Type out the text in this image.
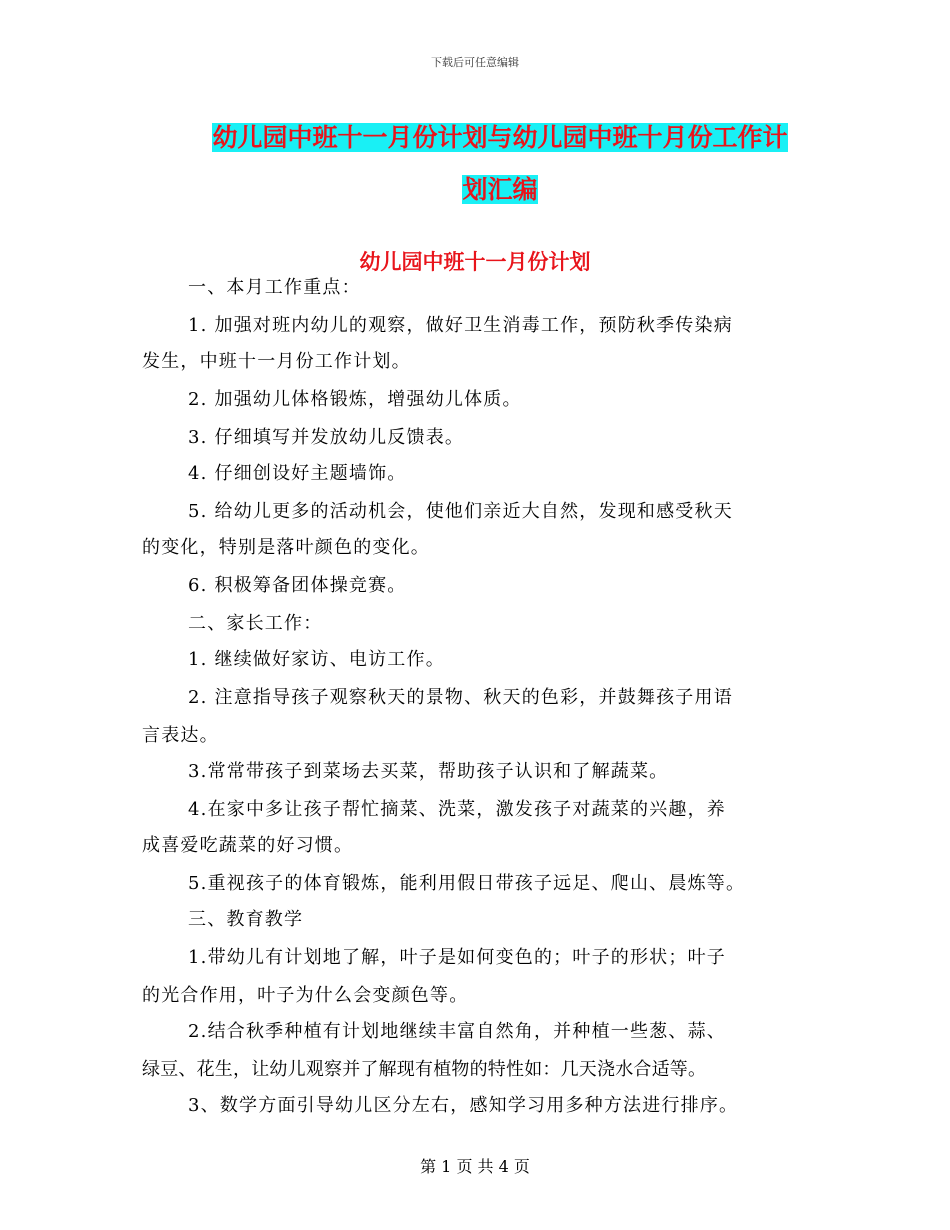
下载后可任意编辑
幼儿园中班十一月份计划与幼儿园中班十月份工作计
划汇编
幼儿园中班十一月份计划
一、本月工作重点：
1. 加强对班内幼儿的观察，做好卫生消毒工作，预防秋季传染病
发生，中班十一月份工作计划。
2. 加强幼儿体格锻炼，增强幼儿体质。
3. 仔细填写并发放幼儿反馈表。
4. 仔细创设好主题墙饰。
5. 给幼儿更多的活动机会，使他们亲近大自然，发现和感受秋天
的变化，特别是落叶颜色的变化。
6. 积极筹备团体操竞赛。
二、家长工作：
1. 继续做好家访、电访工作。
2. 注意指导孩子观察秋天的景物、秋天的色彩，并鼓舞孩子用语
言表达。
3.常常带孩子到菜场去买菜，帮助孩子认识和了解蔬菜。
4.在家中多让孩子帮忙摘菜、洗菜，激发孩子对蔬菜的兴趣，养
成喜爱吃蔬菜的好习惯。
5.重视孩子的体育锻炼，能利用假日带孩子远足、爬山、晨炼等。
三、教育教学
1.带幼儿有计划地了解，叶子是如何变色的；叶子的形状；叶子
的光合作用，叶子为什么会变颜色等。
2.结合秋季种植有计划地继续丰富自然角，并种植一些葱、蒜、
绿豆、花生，让幼儿观察并了解现有植物的特性如：几天浇水合适等。
3、数学方面引导幼儿区分左右，感知学习用多种方法进行排序。
第 1 页 共 4 页
